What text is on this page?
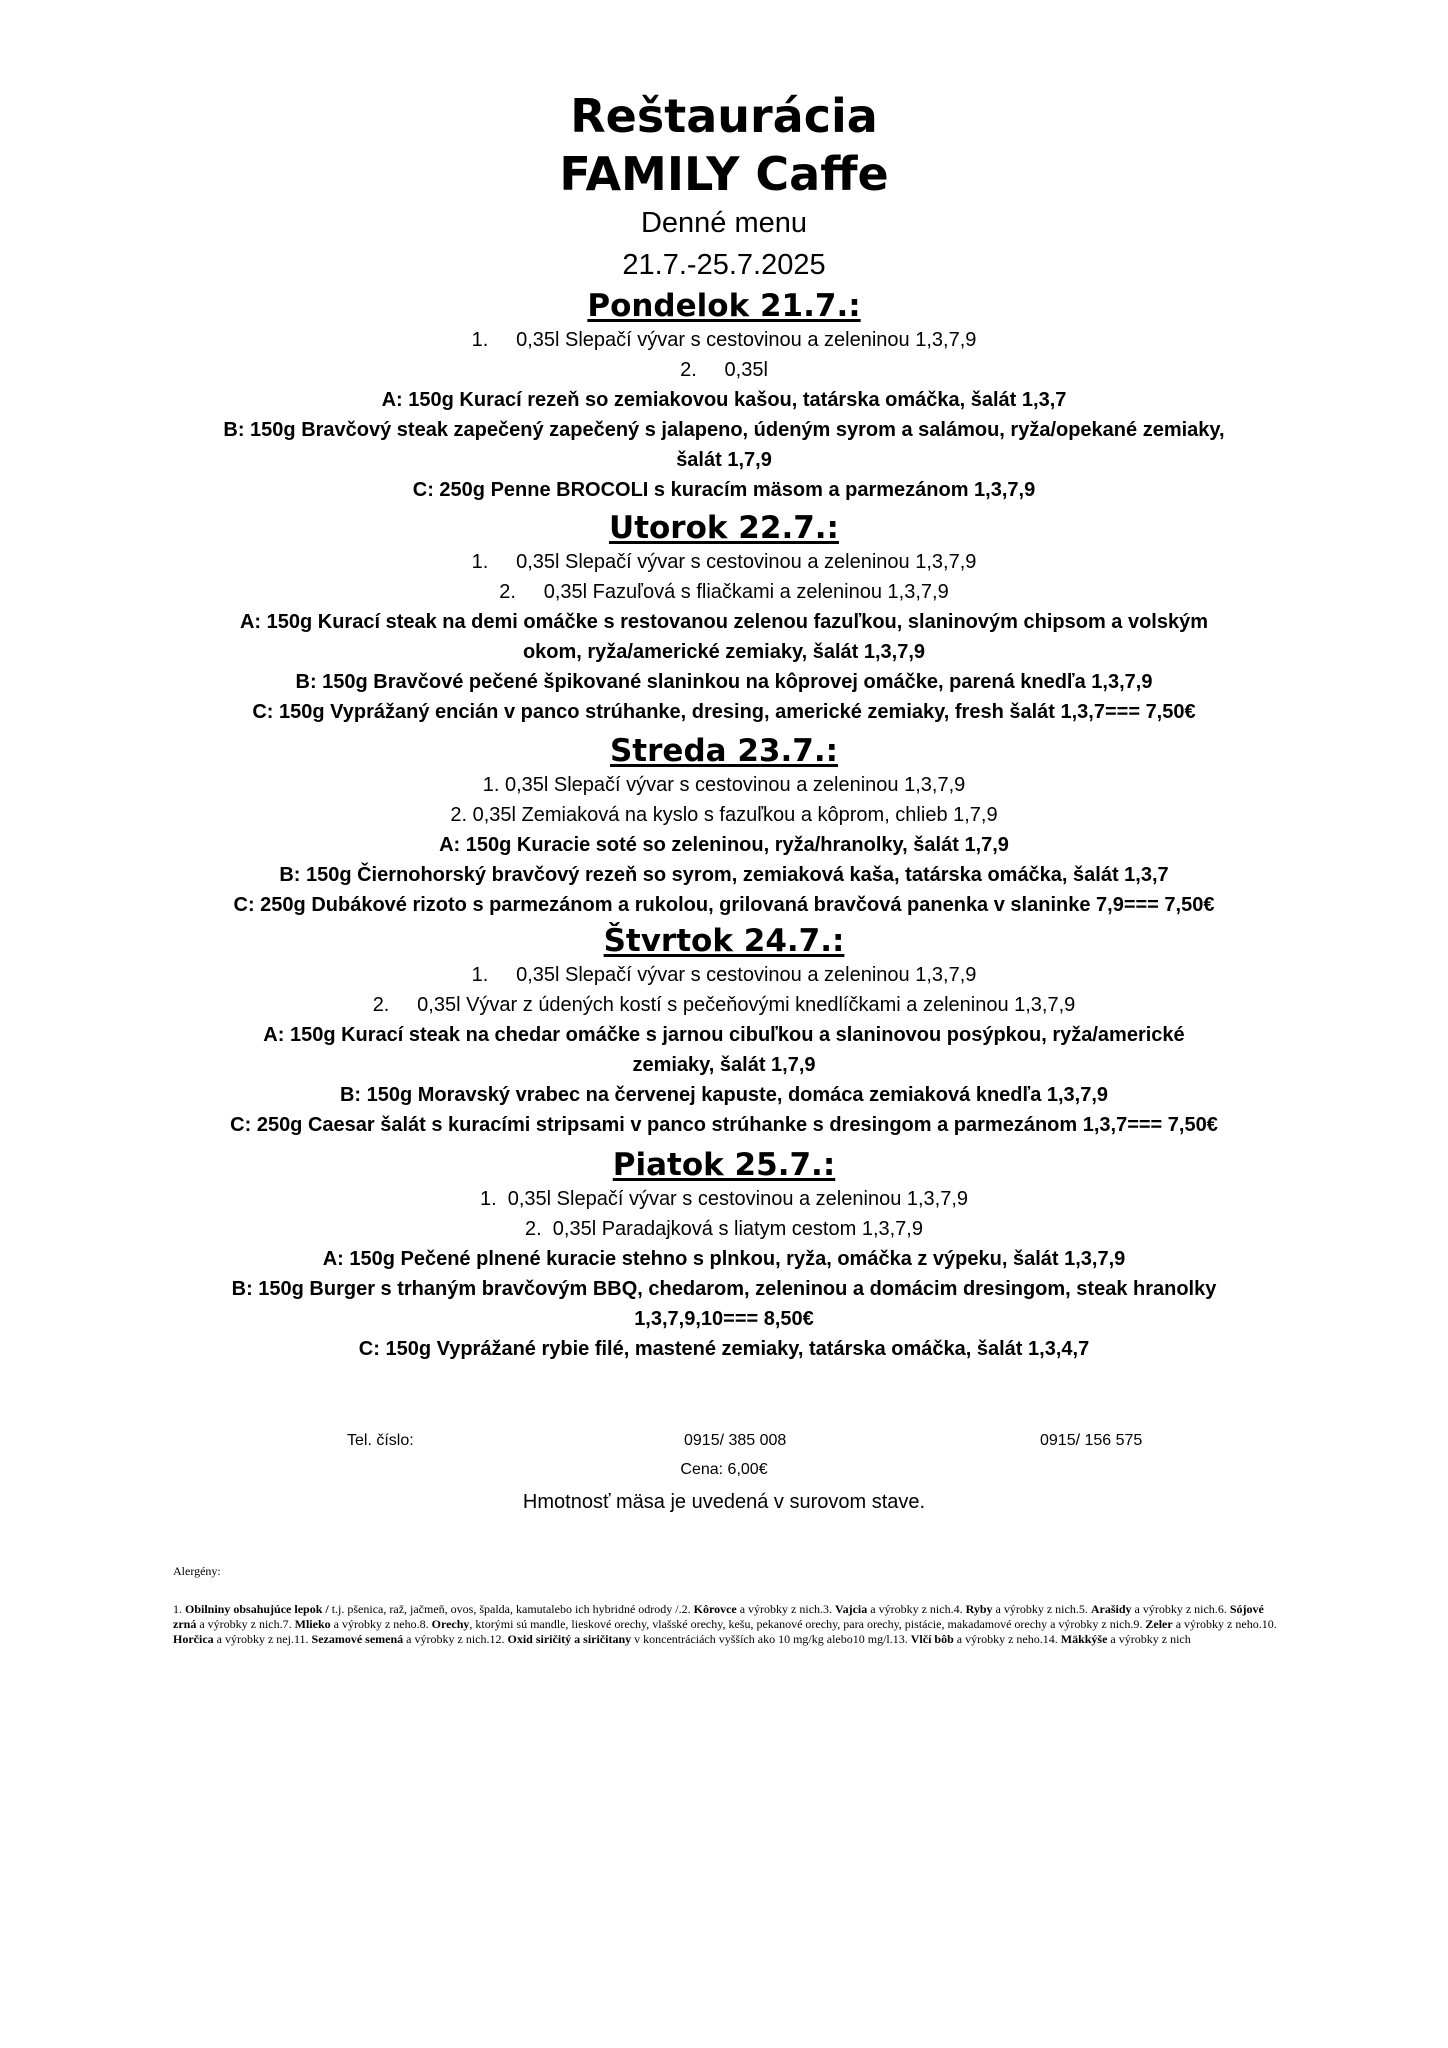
Reštaurácia
FAMILY Caffe
Denné menu
21.7.-25.7.2025
Pondelok 21.7.:
1.     0,35l Slepačí vývar s cestovinou a zeleninou 1,3,7,9
2.     0,35l
A: 150g Kurací rezeň so zemiakovou kašou, tatárska omáčka, šalát 1,3,7
B: 150g Bravčový steak zapečený zapečený s jalapeno, údeným syrom a salámou, ryža/opekané zemiaky,
šalát 1,7,9
C: 250g Penne BROCOLI s kuracím mäsom a parmezánom 1,3,7,9
Utorok 22.7.:
1.     0,35l Slepačí vývar s cestovinou a zeleninou 1,3,7,9
2.     0,35l Fazuľová s fliačkami a zeleninou 1,3,7,9
A: 150g Kurací steak na demi omáčke s restovanou zelenou fazuľkou, slaninovým chipsom a volským
okom, ryža/americké zemiaky, šalát 1,3,7,9
B: 150g Bravčové pečené špikované slaninkou na kôprovej omáčke, parená knedľa 1,3,7,9
C: 150g Vyprážaný encián v panco strúhanke, dresing, americké zemiaky, fresh šalát 1,3,7=== 7,50€
Streda 23.7.:
1. 0,35l Slepačí vývar s cestovinou a zeleninou 1,3,7,9
2. 0,35l Zemiaková na kyslo s fazuľkou a kôprom, chlieb 1,7,9
A: 150g Kuracie soté so zeleninou, ryža/hranolky, šalát 1,7,9
B: 150g Čiernohorský bravčový rezeň so syrom, zemiaková kaša, tatárska omáčka, šalát 1,3,7
C: 250g Dubákové rizoto s parmezánom a rukolou, grilovaná bravčová panenka v slaninke 7,9=== 7,50€
Štvrtok 24.7.:
1.     0,35l Slepačí vývar s cestovinou a zeleninou 1,3,7,9
2.     0,35l Vývar z údených kostí s pečeňovými knedlíčkami a zeleninou 1,3,7,9
A: 150g Kurací steak na chedar omáčke s jarnou cibuľkou a slaninovou posýpkou, ryža/americké
zemiaky, šalát 1,7,9
B: 150g Moravský vrabec na červenej kapuste, domáca zemiaková knedľa 1,3,7,9
C: 250g Caesar šalát s kuracími stripsami v panco strúhanke s dresingom a parmezánom 1,3,7=== 7,50€
Piatok 25.7.:
1.  0,35l Slepačí vývar s cestovinou a zeleninou 1,3,7,9
2.  0,35l Paradajková s liatym cestom 1,3,7,9
A: 150g Pečené plnené kuracie stehno s plnkou, ryža, omáčka z výpeku, šalát 1,3,7,9
B: 150g Burger s trhaným bravčovým BBQ, chedarom, zeleninou a domácim dresingom, steak hranolky
1,3,7,9,10=== 8,50€
C: 150g Vyprážané rybie filé, mastené zemiaky, tatárska omáčka, šalát 1,3,4,7
Tel. číslo:	0915/ 385 008	0915/ 156 575
Cena: 6,00€
Hmotnosť mäsa je uvedená v surovom stave.
Alergény:
1. Obilniny obsahujúce lepok / t.j. pšenica, raž, jačmeň, ovos, špalda, kamutalebo ich hybridné odrody /.2. Kôrovce a výrobky z nich.3. Vajcia a výrobky z nich.4. Ryby a výrobky z nich.5. Arašidy a výrobky z nich.6. Sójové zrná a výrobky z nich.7. Mlieko a výrobky z neho.8. Orechy, ktorými sú mandle, lieskové orechy, vlašské orechy, kešu, pekanové orechy, para orechy, pistácie, makadamové orechy a výrobky z nich.9. Zeler a výrobky z neho.10. Horčica a výrobky z nej.11. Sezamové semená a výrobky z nich.12. Oxid siričitý a siričitany v koncentráciách vyšších ako 10 mg/kg alebo10 mg/l.13. Vlčí bôb a výrobky z neho.14. Mäkkýše a výrobky z nich
